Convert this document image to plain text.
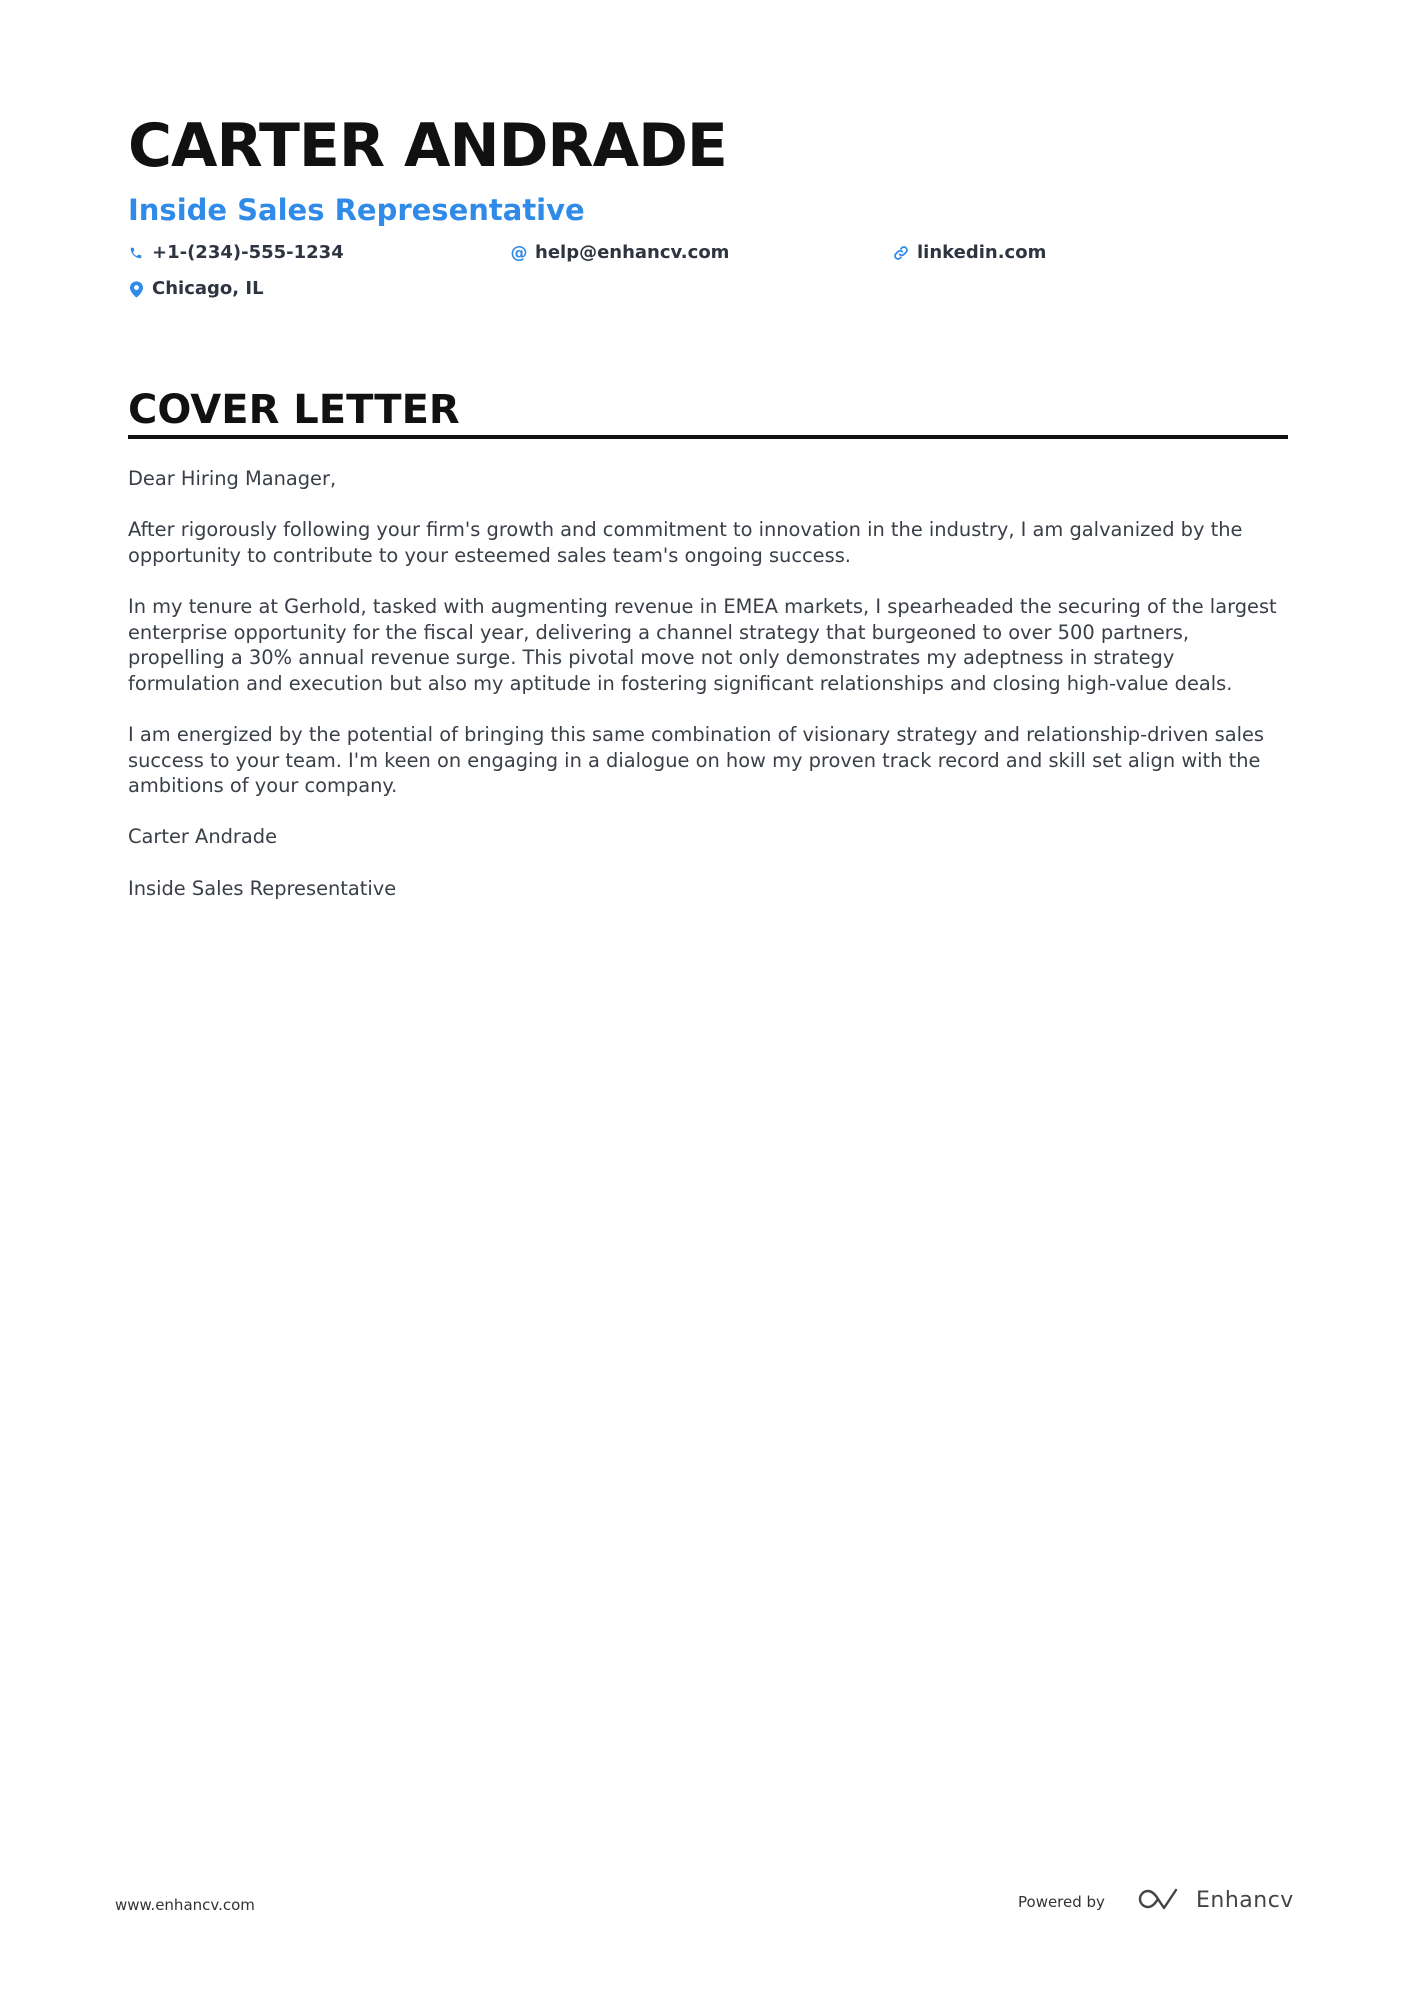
CARTER ANDRADE
Inside Sales Representative
+1-(234)-555-1234	@ help@enhancv.com	linkedin.com
Chicago, IL
COVER LETTER

Dear Hiring Manager,

After rigorously following your firm's growth and commitment to innovation in the industry, I am galvanized by the opportunity to contribute to your esteemed sales team's ongoing success.

In my tenure at Gerhold, tasked with augmenting revenue in EMEA markets, I spearheaded the securing of the largest enterprise opportunity for the fiscal year, delivering a channel strategy that burgeoned to over 500 partners, propelling a 30% annual revenue surge. This pivotal move not only demonstrates my adeptness in strategy formulation and execution but also my aptitude in fostering significant relationships and closing high-value deals.

I am energized by the potential of bringing this same combination of visionary strategy and relationship-driven sales success to your team. I'm keen on engaging in a dialogue on how my proven track record and skill set align with the ambitions of your company.

Carter Andrade

Inside Sales Representative

www.enhancv.com	Powered by	Enhancv
